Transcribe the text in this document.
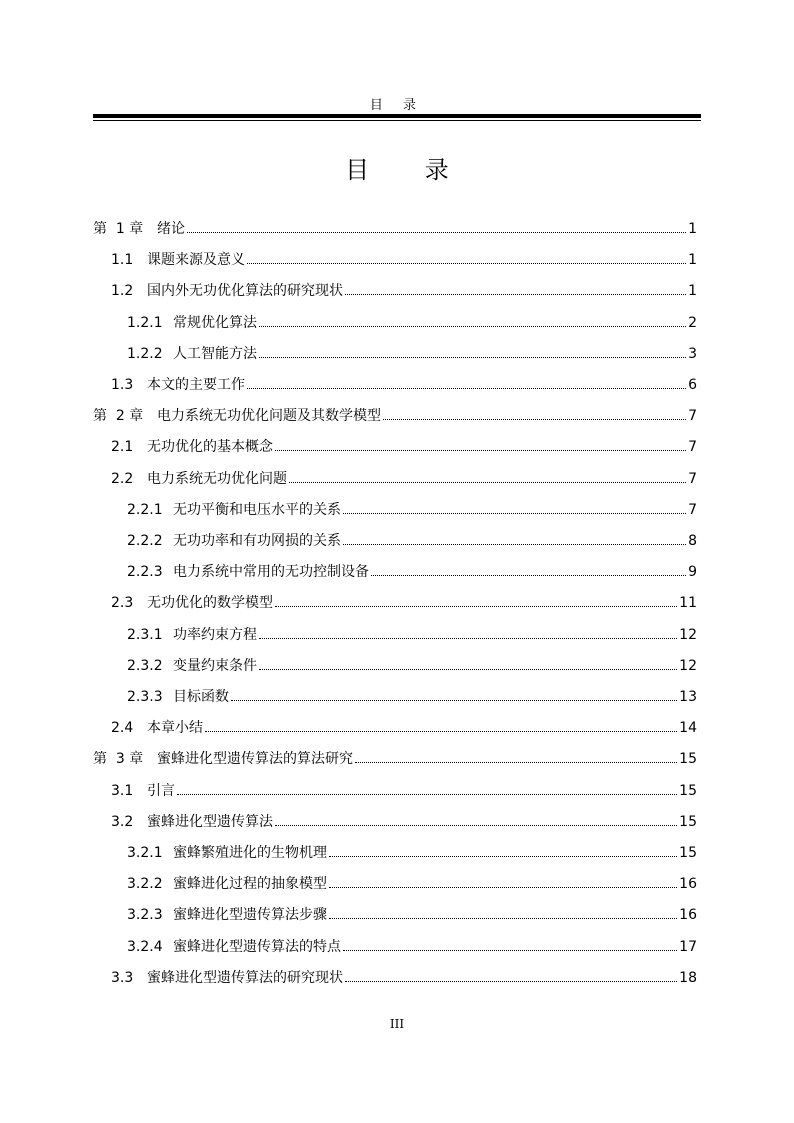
目 录
目 录
第  1 章 绪论	1
1.1 课题来源及意义	1
1.2 国内外无功优化算法的研究现状	1
1.2.1 常规优化算法	2
1.2.2 人工智能方法	3
1.3 本文的主要工作	6
第  2 章 电力系统无功优化问题及其数学模型	7
2.1 无功优化的基本概念	7
2.2 电力系统无功优化问题	7
2.2.1 无功平衡和电压水平的关系	7
2.2.2 无功功率和有功网损的关系	8
2.2.3 电力系统中常用的无功控制设备	9
2.3 无功优化的数学模型	11
2.3.1 功率约束方程	12
2.3.2 变量约束条件	12
2.3.3 目标函数	13
2.4 本章小结	14
第  3 章 蜜蜂进化型遗传算法的算法研究	15
3.1 引言	15
3.2 蜜蜂进化型遗传算法	15
3.2.1 蜜蜂繁殖进化的生物机理	15
3.2.2 蜜蜂进化过程的抽象模型	16
3.2.3 蜜蜂进化型遗传算法步骤	16
3.2.4 蜜蜂进化型遗传算法的特点	17
3.3 蜜蜂进化型遗传算法的研究现状	18
III
